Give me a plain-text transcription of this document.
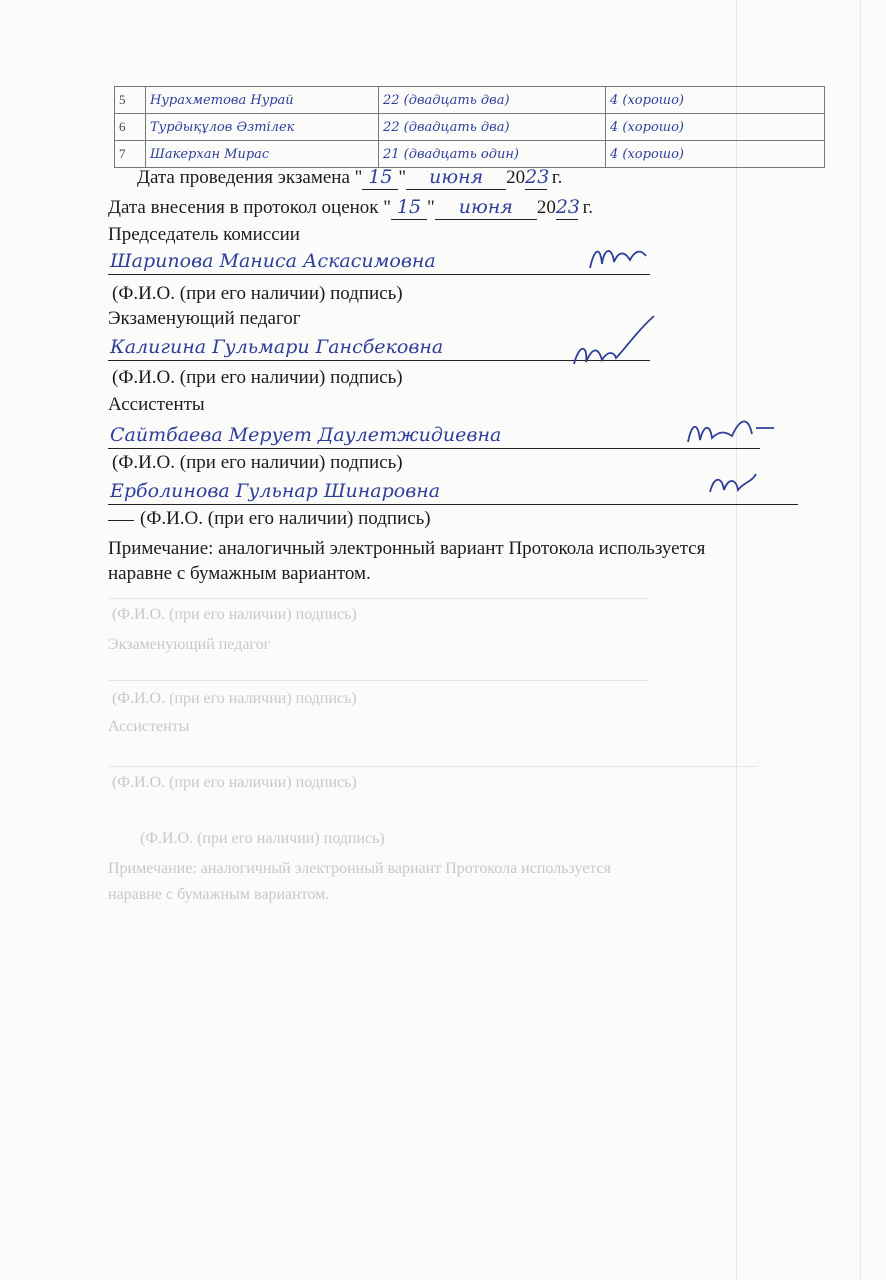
5	Нурахметова Нурай	22 (двадцать два)	4 (хорошо)
6	Турдықұлов Әзтілек	22 (двадцать два)	4 (хорошо)
7	Шакерхан Мирас	21 (двадцать один)	4 (хорошо)
Дата проведения экзамена " 15 " июня 2023 г.
Дата внесения в протокол оценок " 15 " июня 2023 г.
Председатель комиссии
Шарипова Маниса Аскасимовна
(Ф.И.О. (при его наличии) подпись)
Экзаменующий педагог
Калигина Гульмари Гансбековна
(Ф.И.О. (при его наличии) подпись)
Ассистенты
Сайтбаева Мерует Даулетжидиевна
(Ф.И.О. (при его наличии) подпись)
Ерболинова Гульнар Шинаровна
(Ф.И.О. (при его наличии) подпись)
Примечание: аналогичный электронный вариант Протокола используется
наравне с бумажным вариантом.
(Ф.И.О. (при его наличии) подпись)
Экзаменующий педагог
(Ф.И.О. (при его наличии) подпись)
Ассистенты
(Ф.И.О. (при его наличии) подпись)
(Ф.И.О. (при его наличии) подпись)
Примечание: аналогичный электронный вариант Протокола используется
наравне с бумажным вариантом.
